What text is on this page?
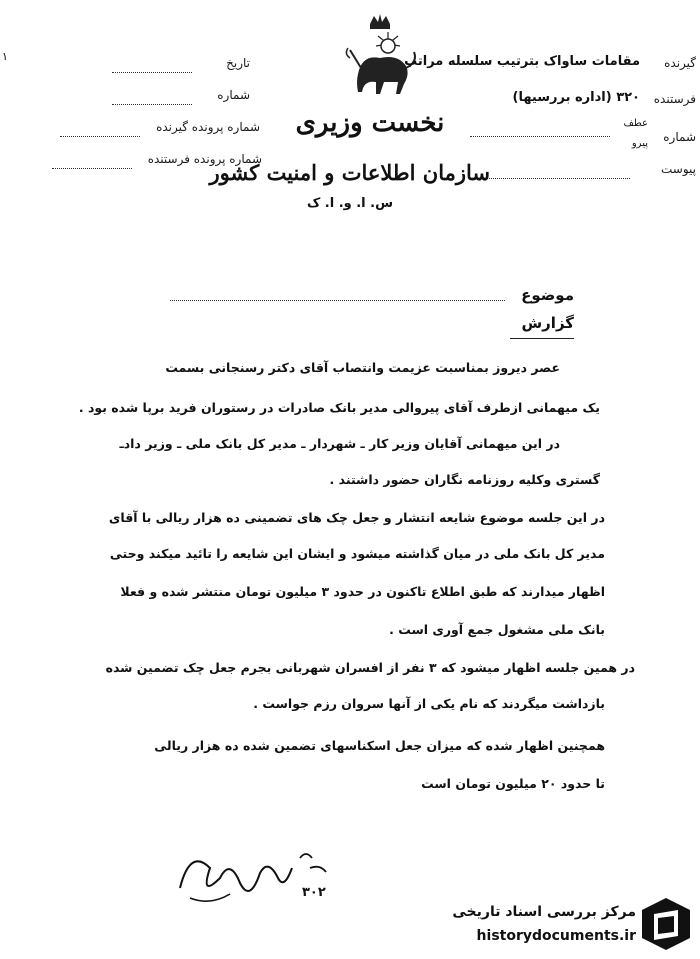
۱	تاریخ
شماره
شماره پرونده گیرنده
شماره پرونده فرستنده
گیرنده
مقامات ساواک بترتیب سلسله مراتب
فرستنده
۳۲۰ (اداره بررسیها)
شماره
عطف
پیرو
پیوست
نخست وزیری
سازمان اطلاعات و امنیت کشور
س. ا. و. ا. ک
موضوع
گزارش
عصر دیروز بمناسبت عزیمت وانتصاب آقای دکتر رسنجانی بسمت
یک میهمانی ازطرف آقای پیروالی مدیر بانک صادرات در رستوران فرید برپا شده بود .
در این میهمانی آقایان وزیر کار ـ شهردار ـ مدیر کل بانک ملی ـ وزیر دادـ
گستری وکلیه روزنامه نگاران حضور داشتند .
در این جلسه موضوع شایعه انتشار و جعل چک های تضمینی ده هزار ریالی با آقای
مدیر کل بانک ملی در میان گذاشته میشود و ایشان این شایعه را تائید میکند وحتی
اظهار میدارند که طبق اطلاع تاکنون در حدود ۳ میلیون تومان منتشر شده و فعلا
بانک ملی مشغول جمع آوری است .
در همین جلسه اظهار میشود که ۳ نفر از افسران شهربانی بجرم جعل چک تضمین شده
بازداشت میگردند که نام یکی از آنها سروان رزم جواست .
همچنین اظهار شده که میزان جعل اسکناسهای تضمین شده ده هزار ریالی
تا حدود ۲۰ میلیون تومان است
۳۰۲
مرکز بررسی اسناد تاریخی
historydocuments.ir
